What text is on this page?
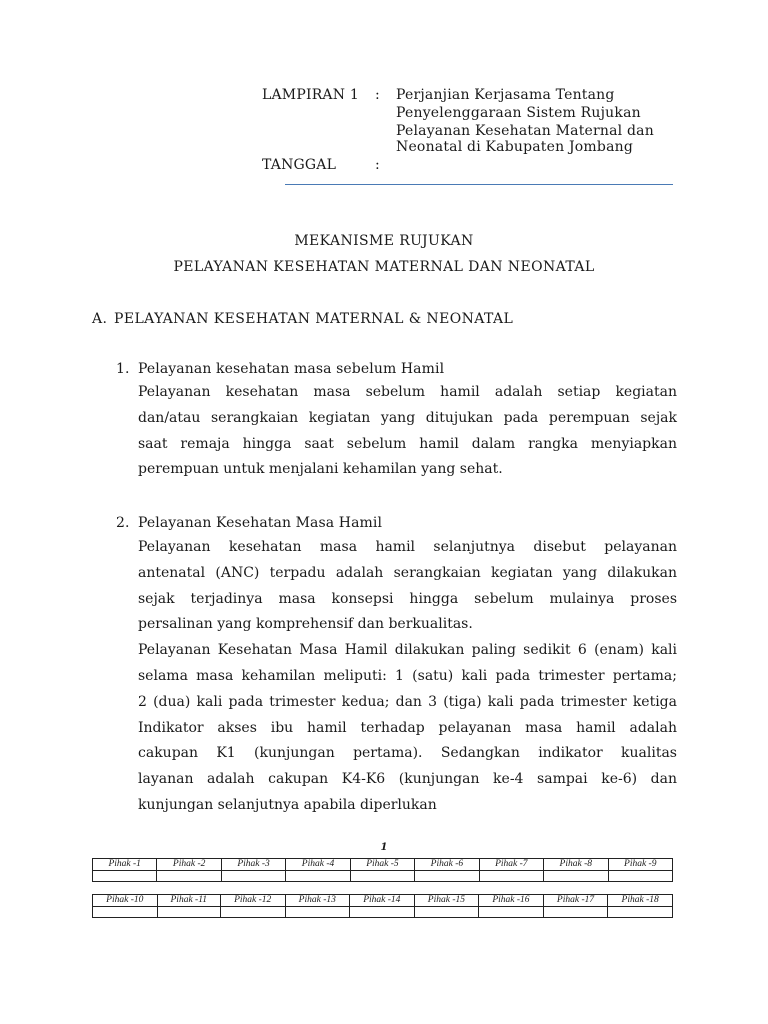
LAMPIRAN 1 : Perjanjian Kerjasama Tentang
Penyelenggaraan Sistem Rujukan
Pelayanan Kesehatan Maternal dan
Neonatal di Kabupaten Jombang
TANGGAL	:
MEKANISME RUJUKAN
PELAYANAN KESEHATAN MATERNAL DAN NEONATAL
A. PELAYANAN KESEHATAN MATERNAL & NEONATAL
1. Pelayanan kesehatan masa sebelum Hamil
Pelayanan kesehatan masa sebelum hamil adalah setiap kegiatan
dan/atau serangkaian kegiatan yang ditujukan pada perempuan sejak
saat remaja hingga saat sebelum hamil dalam rangka menyiapkan
perempuan untuk menjalani kehamilan yang sehat.
2. Pelayanan Kesehatan Masa Hamil
Pelayanan kesehatan masa hamil selanjutnya disebut pelayanan
antenatal (ANC) terpadu adalah serangkaian kegiatan yang dilakukan
sejak terjadinya masa konsepsi hingga sebelum mulainya proses
persalinan yang komprehensif dan berkualitas.
Pelayanan Kesehatan Masa Hamil dilakukan paling sedikit 6 (enam) kali
selama masa kehamilan meliputi: 1 (satu) kali pada trimester pertama;
2 (dua) kali pada trimester kedua; dan 3 (tiga) kali pada trimester ketiga
Indikator akses ibu hamil terhadap pelayanan masa hamil adalah
cakupan K1 (kunjungan pertama). Sedangkan indikator kualitas
layanan adalah cakupan K4-K6 (kunjungan ke-4 sampai ke-6) dan
kunjungan selanjutnya apabila diperlukan
1
Pihak -1	Pihak -2	Pihak -3	Pihak -4	Pihak -5	Pihak -6	Pihak -7	Pihak -8	Pihak -9

Pihak -10	Pihak -11	Pihak -12	Pihak -13	Pihak -14	Pihak -15	Pihak -16	Pihak -17	Pihak -18
